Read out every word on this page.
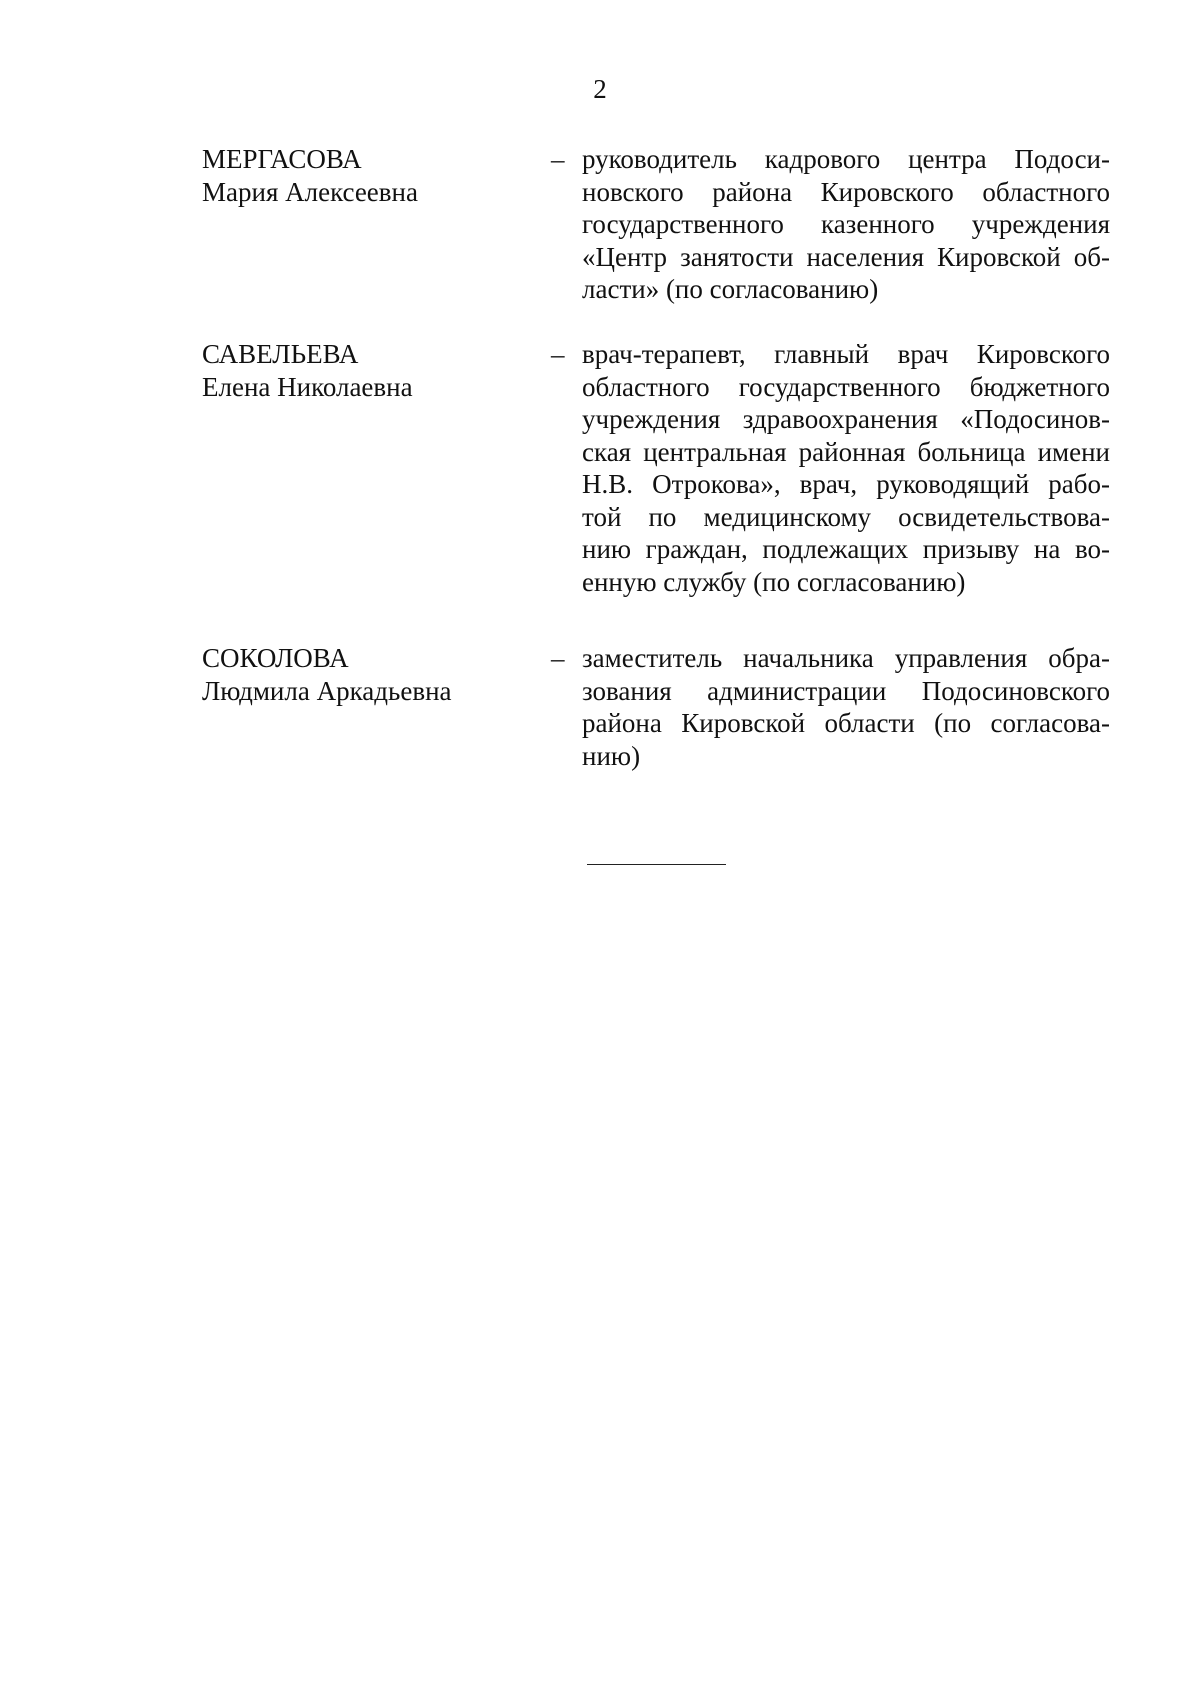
2
МЕРГАСОВА
Мария Алексеевна
– руководитель кадрового центра Подоси-
новского района Кировского областного
государственного казенного учреждения
«Центр занятости населения Кировской об-
ласти» (по согласованию)
САВЕЛЬЕВА
Елена Николаевна
– врач-терапевт, главный врач Кировского
областного государственного бюджетного
учреждения здравоохранения «Подосинов-
ская центральная районная больница имени
Н.В. Отрокова», врач, руководящий рабо-
той по медицинскому освидетельствова-
нию граждан, подлежащих призыву на во-
енную службу (по согласованию)
СОКОЛОВА
Людмила Аркадьевна
– заместитель начальника управления обра-
зования администрации Подосиновского
района Кировской области (по согласова-
нию)
